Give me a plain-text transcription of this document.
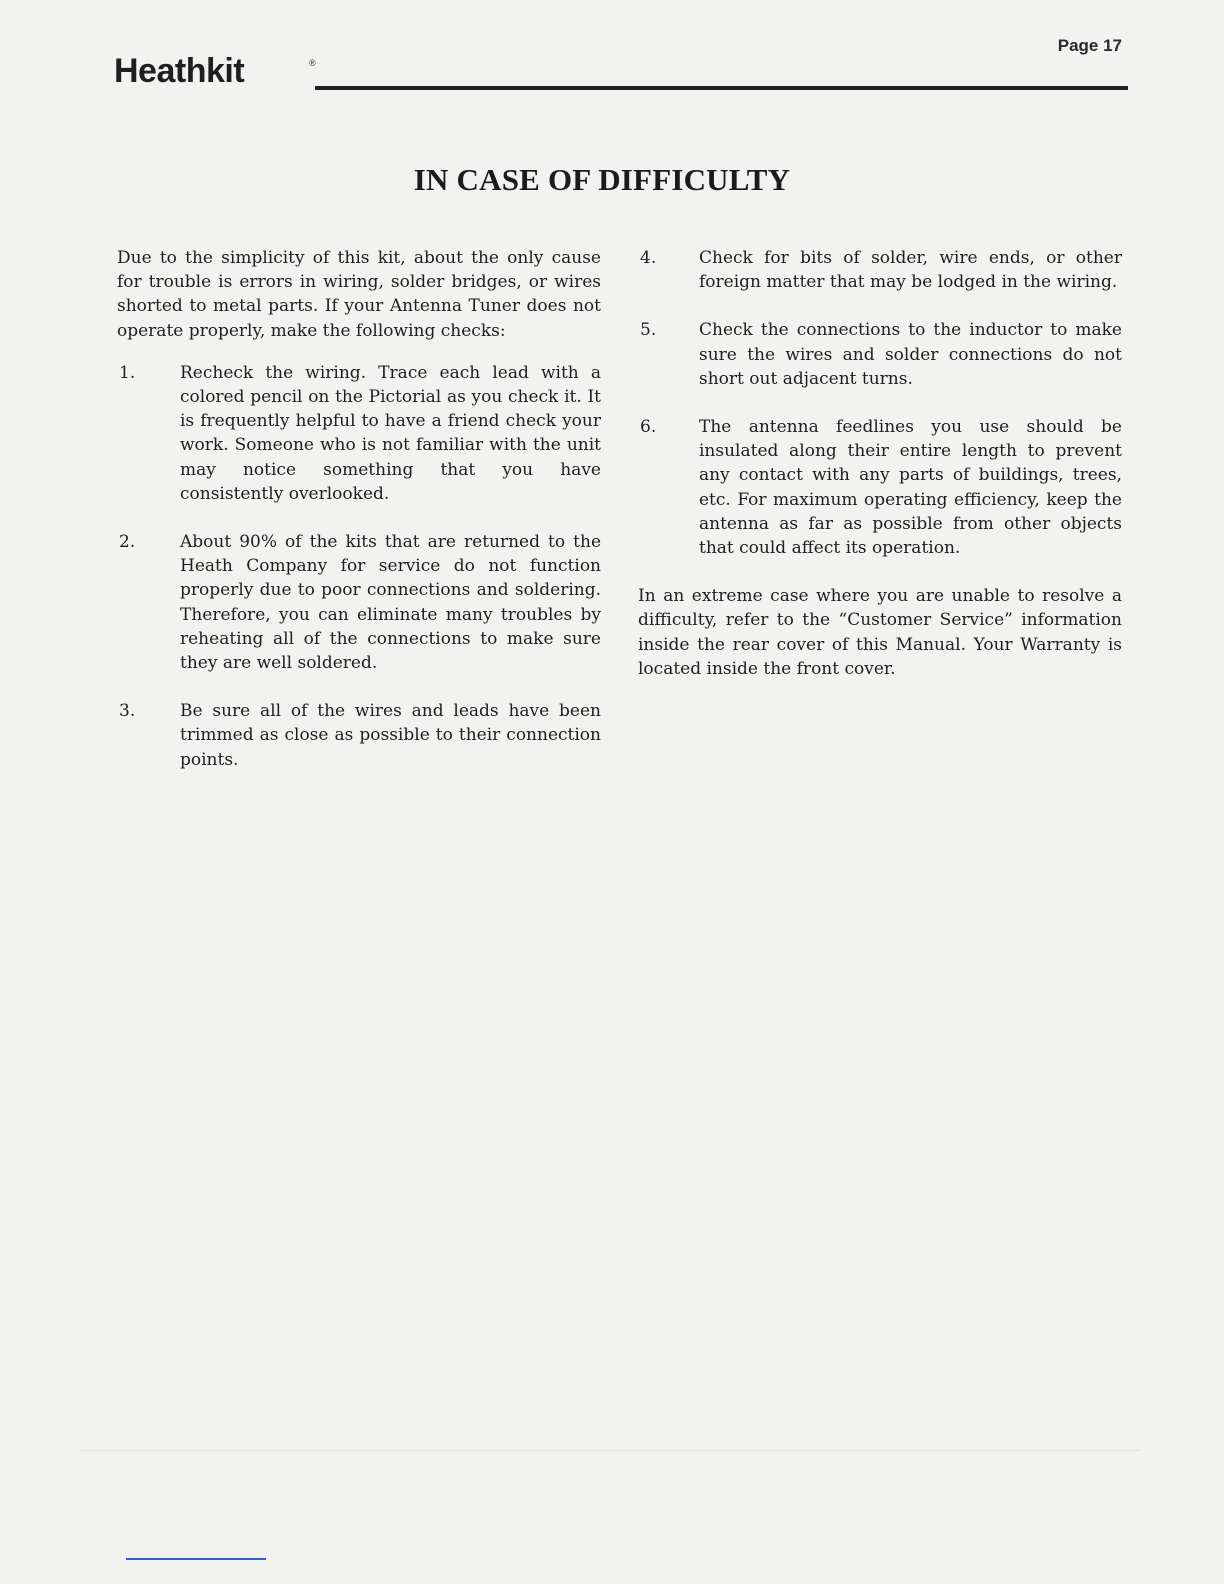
Page 17
Heathkit	®
IN CASE OF DIFFICULTY

Due to the simplicity of this kit, about the only cause for trouble is errors in wiring, solder bridges, or wires shorted to metal parts. If your Antenna Tuner does not operate properly, make the following checks:

1.	Recheck the wiring. Trace each lead with a colored pencil on the Pictorial as you check it. It is frequently helpful to have a friend check your work. Someone who is not familiar with the unit may notice something that you have consistently overlooked.
2.	About 90% of the kits that are returned to the Heath Company for service do not function properly due to poor connections and soldering. Therefore, you can eliminate many troubles by reheating all of the connections to make sure they are well soldered.
3.	Be sure all of the wires and leads have been trimmed as close as possible to their connection points.
4.	Check for bits of solder, wire ends, or other foreign matter that may be lodged in the wiring.
5.	Check the connections to the inductor to make sure the wires and solder connections do not short out adjacent turns.
6.	The antenna feedlines you use should be insulated along their entire length to prevent any contact with any parts of buildings, trees, etc. For maximum operating efficiency, keep the antenna as far as possible from other objects that could affect its operation.

In an extreme case where you are unable to resolve a difficulty, refer to the “Customer Service” information inside the rear cover of this Manual. Your Warranty is located inside the front cover.
